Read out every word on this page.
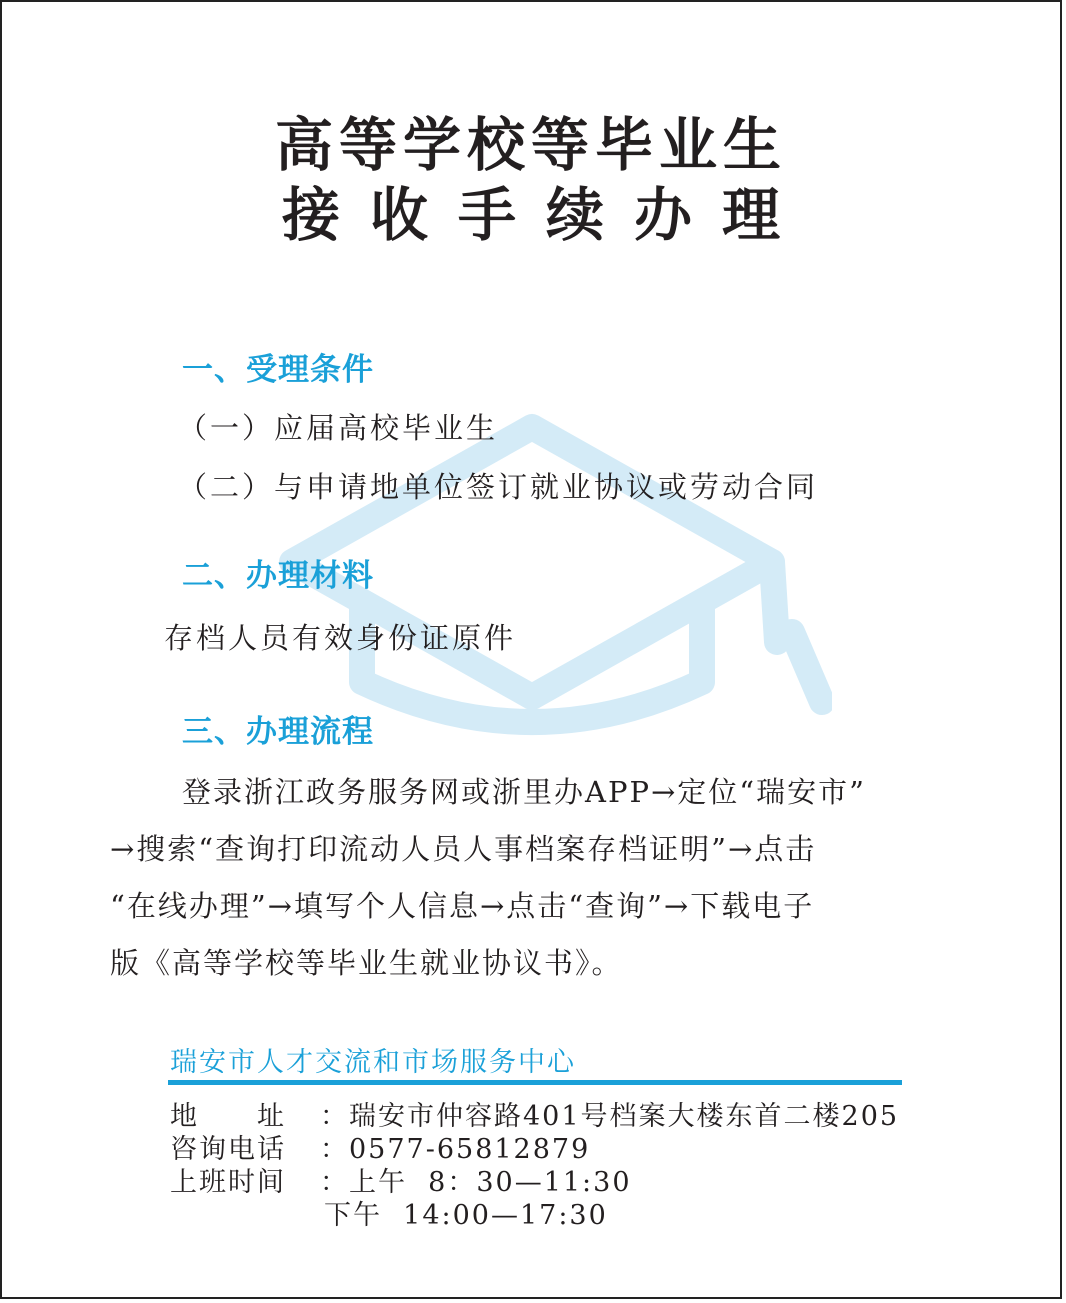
高等学校等毕业生
接收手续办理
一、受理条件
（一）应届高校毕业生
（二）与申请地单位签订就业协议或劳动合同
二、办理材料
存档人员有效身份证原件
三、办理流程
登录浙江政务服务网或浙里办APP→定位“瑞安市”
→搜索“查询打印流动人员人事档案存档证明”→点击
“在线办理”→填写个人信息→点击“查询”→下载电子
版《高等学校等毕业生就业协议书》。
瑞安市人才交流和市场服务中心
地　　址 ：瑞安市仲容路401号档案大楼东首二楼205
咨询电话 ：0577-65812879
上班时间 ：上午  8：30—11:30
下午  14:00—17:30
